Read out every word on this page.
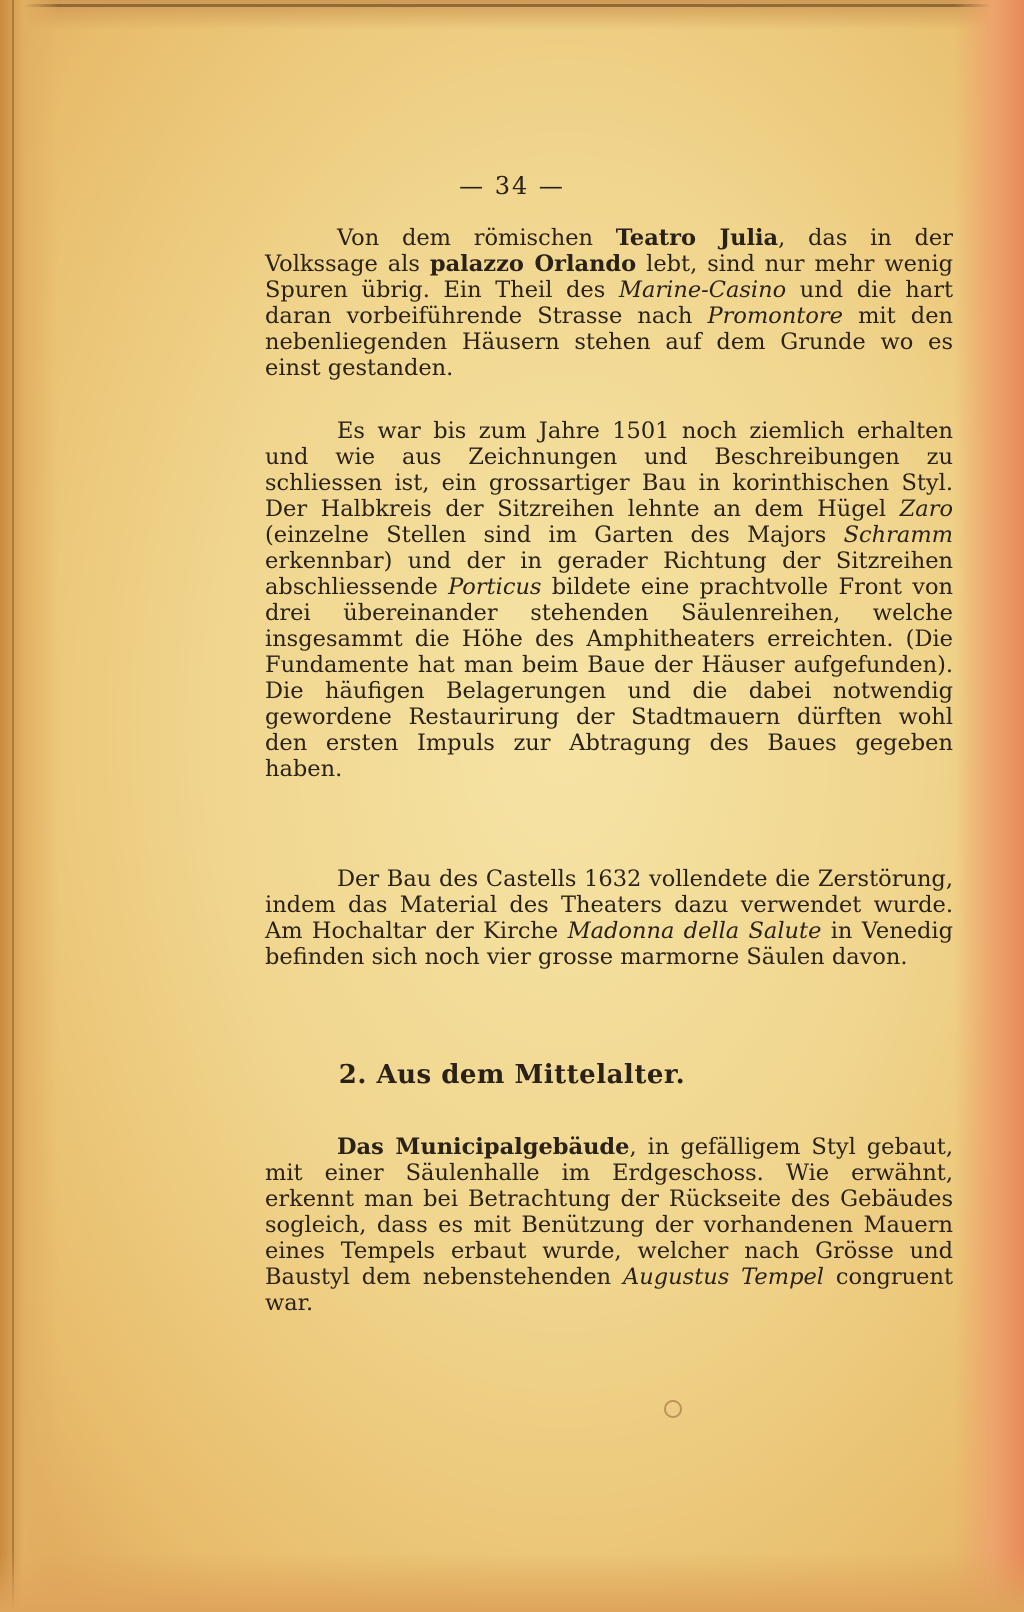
— 34 —

Von dem römischen Teatro Julia, das in der Volkssage als palazzo Orlando lebt, sind nur mehr wenig Spuren übrig. Ein Theil des Marine-Casino und die hart daran vorbeiführende Strasse nach Promontore mit den nebenliegenden Häusern stehen auf dem Grunde wo es einst gestanden.

Es war bis zum Jahre 1501 noch ziemlich erhalten und wie aus Zeichnungen und Beschreibungen zu schliessen ist, ein grossartiger Bau in korinthischen Styl. Der Halbkreis der Sitzreihen lehnte an dem Hügel Zaro (einzelne Stellen sind im Garten des Majors Schramm erkennbar) und der in gerader Richtung der Sitzreihen abschliessende Porticus bildete eine prachtvolle Front von drei übereinander stehenden Säulenreihen, welche insgesammt die Höhe des Amphitheaters erreichten. (Die Fundamente hat man beim Baue der Häuser aufgefunden). Die häufigen Belagerungen und die dabei notwendig gewordene Restaurirung der Stadtmauern dürften wohl den ersten Impuls zur Abtragung des Baues gegeben haben.

Der Bau des Castells 1632 vollendete die Zerstörung, indem das Material des Theaters dazu verwendet wurde. Am Hochaltar der Kirche Madonna della Salute in Venedig befinden sich noch vier grosse marmorne Säulen davon.

2. Aus dem Mittelalter.

Das Municipalgebäude, in gefälligem Styl gebaut, mit einer Säulenhalle im Erdgeschoss. Wie erwähnt, erkennt man bei Betrachtung der Rückseite des Gebäudes sogleich, dass es mit Benützung der vorhandenen Mauern eines Tempels erbaut wurde, welcher nach Grösse und Baustyl dem nebenstehenden Augustus Tempel congruent war.
